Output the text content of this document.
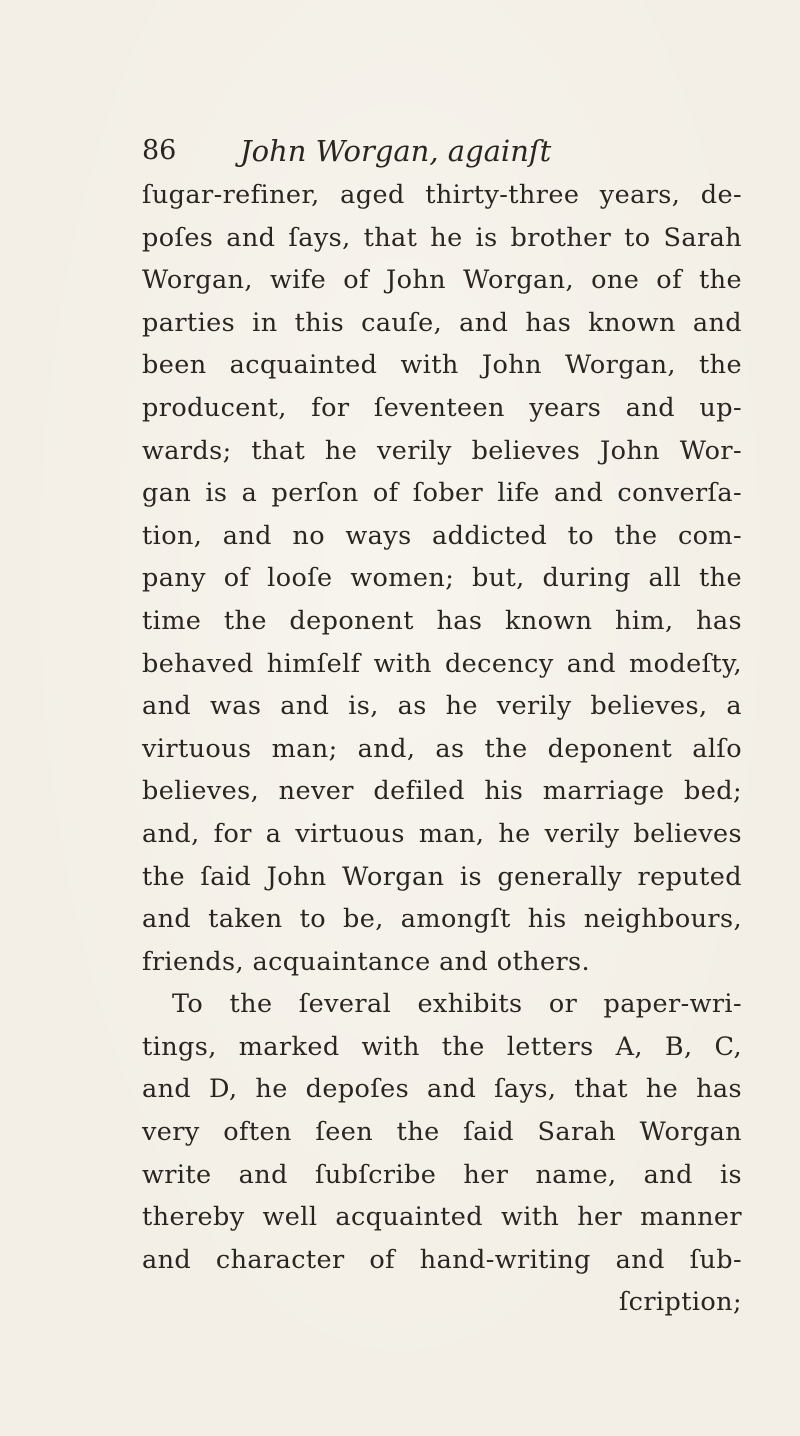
86 John Worgan, againſt
ſugar-refiner, aged thirty-three years, de-
poſes and ſays, that he is brother to Sarah
Worgan, wife of John Worgan, one of the
parties in this cauſe, and has known and
been acquainted with John Worgan, the
producent, for ſeventeen years and up-
wards; that he verily believes John Wor-
gan is a perſon of ſober life and converſa-
tion, and no ways addicted to the com-
pany of looſe women; but, during all the
time the deponent has known him, has
behaved himſelf with decency and modeſty,
and was and is, as he verily believes, a
virtuous man; and, as the deponent alſo
believes, never defiled his marriage bed;
and, for a virtuous man, he verily believes
the ſaid John Worgan is generally reputed
and taken to be, amongſt his neighbours,
friends, acquaintance and others.
To the ſeveral exhibits or paper-wri-
tings, marked with the letters A, B, C,
and D, he depoſes and ſays, that he has
very often ſeen the ſaid Sarah Worgan
write and ſubſcribe her name, and is
thereby well acquainted with her manner
and character of hand-writing and ſub-
ſcription;
